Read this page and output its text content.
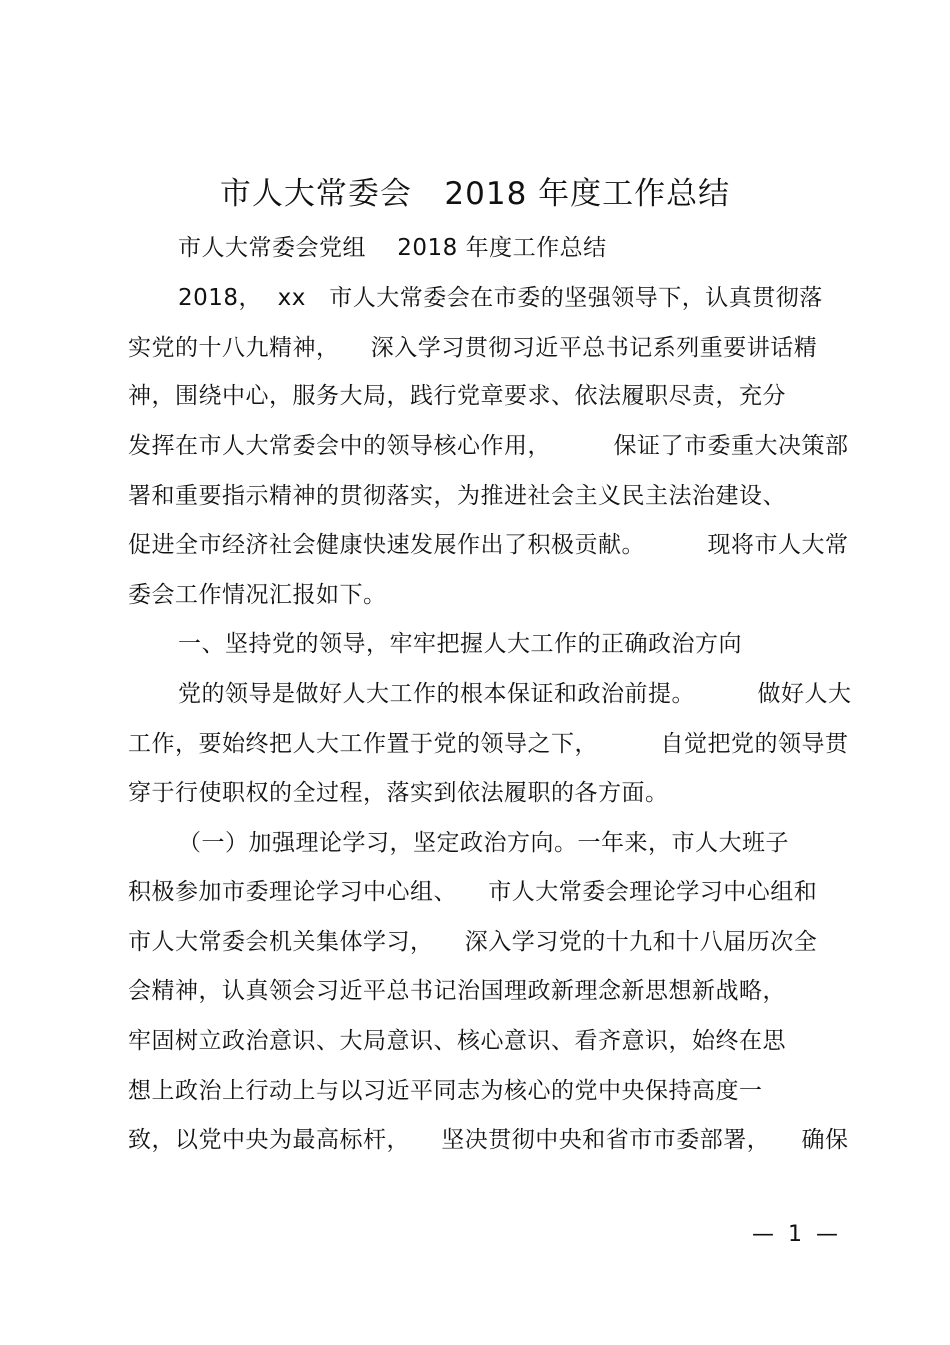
市人大常委会   2018 年度工作总结
市人大常委会党组    2018 年度工作总结
2018，  xx   市人大常委会在市委的坚强领导下，认真贯彻落
实党的十八九精神，    深入学习贯彻习近平总书记系列重要讲话精
神，围绕中心，服务大局，践行党章要求、依法履职尽责，充分
发挥在市人大常委会中的领导核心作用，        保证了市委重大决策部
署和重要指示精神的贯彻落实，为推进社会主义民主法治建设、
促进全市经济社会健康快速发展作出了积极贡献。        现将市人大常
委会工作情况汇报如下。
一、坚持党的领导，牢牢把握人大工作的正确政治方向
党的领导是做好人大工作的根本保证和政治前提。        做好人大
工作，要始终把人大工作置于党的领导之下，        自觉把党的领导贯
穿于行使职权的全过程，落实到依法履职的各方面。
（一）加强理论学习，坚定政治方向。一年来，市人大班子
积极参加市委理论学习中心组、    市人大常委会理论学习中心组和
市人大常委会机关集体学习，    深入学习党的十九和十八届历次全
会精神，认真领会习近平总书记治国理政新理念新思想新战略，
牢固树立政治意识、大局意识、核心意识、看齐意识，始终在思
想上政治上行动上与以习近平同志为核心的党中央保持高度一
致，以党中央为最高标杆，    坚决贯彻中央和省市市委部署，    确保
—  1  —
